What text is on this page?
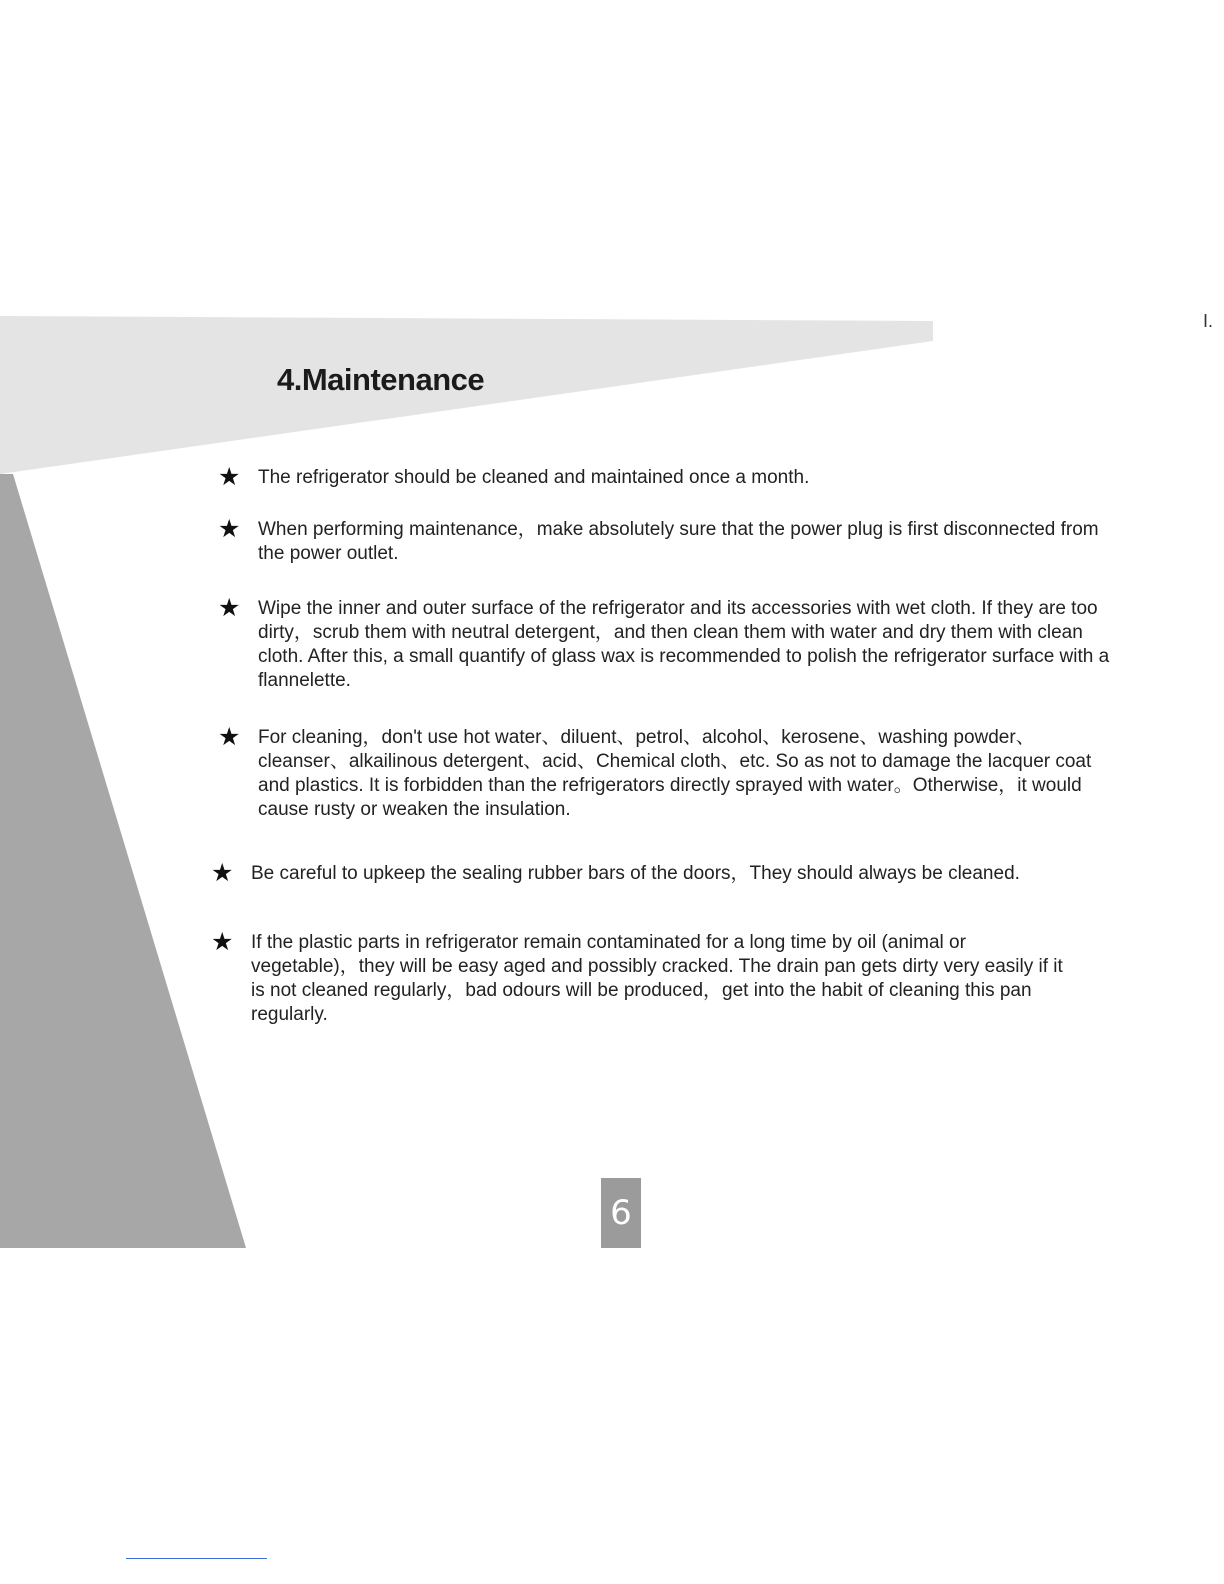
I.
4.Maintenance
★ The refrigerator should be cleaned and maintained once a month.
★ When performing maintenance，make absolutely sure that the power plug is first disconnected from the power outlet.
★ Wipe the inner and outer surface of the refrigerator and its accessories with wet cloth. If they are too dirty，scrub them with neutral detergent，and then clean them with water and dry them with clean cloth. After this, a small quantify of glass wax is recommended to polish the refrigerator surface with a flannelette.
★ For cleaning，don't use hot water、diluent、petrol、alcohol、kerosene、washing powder、cleanser、alkailinous detergent、acid、Chemical cloth、etc. So as not to damage the lacquer coat and plastics. It is forbidden than the refrigerators directly sprayed with water。Otherwise，it would cause rusty or weaken the insulation.
★ Be careful to upkeep the sealing rubber bars of the doors，They should always be cleaned.
★ If the plastic parts in refrigerator remain contaminated for a long time by oil (animal or vegetable)，they will be easy aged and possibly cracked. The drain pan gets dirty very easily if it is not cleaned regularly，bad odours will be produced，get into the habit of cleaning this pan regularly.
6
